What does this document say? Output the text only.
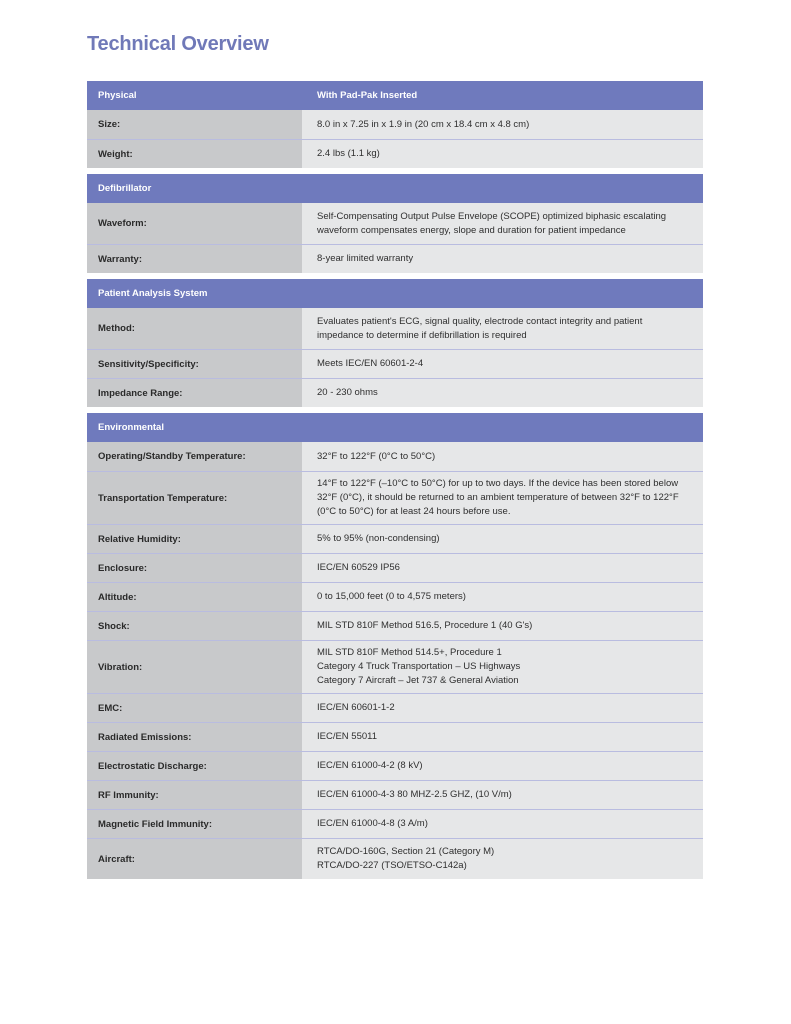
Technical Overview
Physical	With Pad-Pak Inserted
Size:	8.0 in x 7.25 in x 1.9 in (20 cm x 18.4 cm x 4.8 cm)
Weight:	2.4 lbs (1.1 kg)
Defibrillator
Waveform:
Self-Compensating Output Pulse Envelope (SCOPE) optimized biphasic escalating
waveform compensates energy, slope and duration for patient impedance
Warranty:	8-year limited warranty
Patient Analysis System
Method:
Evaluates patient's ECG, signal quality, electrode contact integrity and patient
impedance to determine if defibrillation is required
Sensitivity/Specificity:	Meets IEC/EN 60601-2-4
Impedance Range:	20 - 230 ohms
Environmental
Operating/Standby Temperature:	32°F to 122°F (0°C to 50°C)
Transportation Temperature:
14°F to 122°F (–10°C to 50°C) for up to two days. If the device has been stored below
32°F (0°C), it should be returned to an ambient temperature of between 32°F to 122°F
(0°C to 50°C) for at least 24 hours before use.
Relative Humidity:	5% to 95% (non-condensing)
Enclosure:	IEC/EN 60529 IP56
Altitude:	0 to 15,000 feet (0 to 4,575 meters)
Shock:	MIL STD 810F Method 516.5, Procedure 1 (40 G's)
Vibration:
MIL STD 810F Method 514.5+, Procedure 1
Category 4 Truck Transportation – US Highways
Category 7 Aircraft – Jet 737 & General Aviation
EMC:	IEC/EN 60601-1-2
Radiated Emissions:	IEC/EN 55011
Electrostatic Discharge:	IEC/EN 61000-4-2 (8 kV)
RF Immunity:	IEC/EN 61000-4-3 80 MHZ-2.5 GHZ, (10 V/m)
Magnetic Field Immunity:	IEC/EN 61000-4-8 (3 A/m)
Aircraft:
RTCA/DO-160G, Section 21 (Category M)
RTCA/DO-227 (TSO/ETSO-C142a)
